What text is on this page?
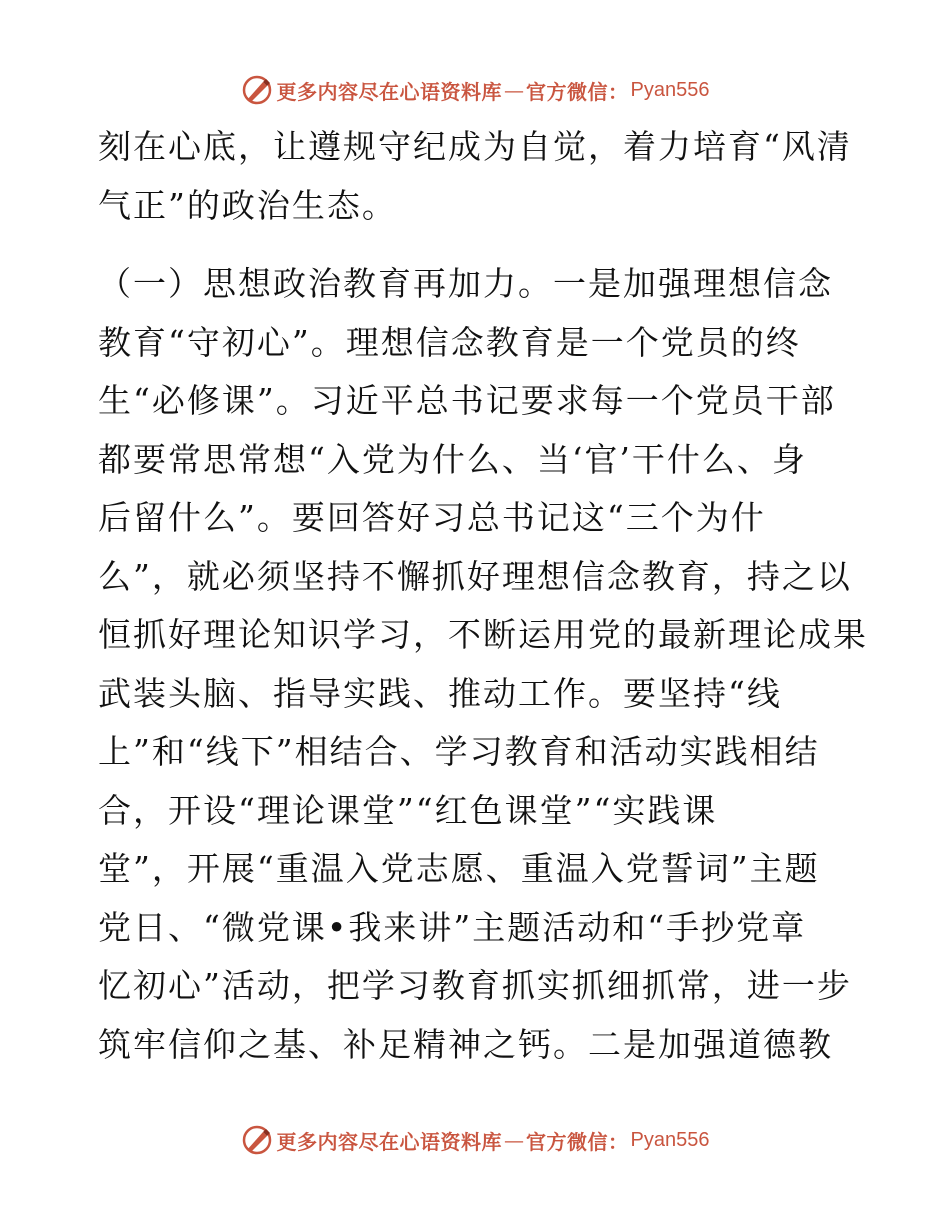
更多内容尽在心语资料库 — 官方微信： Pyan556
刻在心底，让遵规守纪成为自觉，着力培育“风清
气正”的政治生态。
（一）思想政治教育再加力。一是加强理想信念
教育“守初心”。理想信念教育是一个党员的终
生“必修课”。习近平总书记要求每一个党员干部
都要常思常想“入党为什么、当‘官’干什么、身
后留什么”。要回答好习总书记这“三个为什
么”，就必须坚持不懈抓好理想信念教育，持之以
恒抓好理论知识学习，不断运用党的最新理论成果
武装头脑、指导实践、推动工作。要坚持“线
上”和“线下”相结合、学习教育和活动实践相结
合，开设“理论课堂”“红色课堂”“实践课
堂”，开展“重温入党志愿、重温入党誓词”主题
党日、“微党课•我来讲”主题活动和“手抄党章
忆初心”活动，把学习教育抓实抓细抓常，进一步
筑牢信仰之基、补足精神之钙。二是加强道德教
更多内容尽在心语资料库 — 官方微信： Pyan556
